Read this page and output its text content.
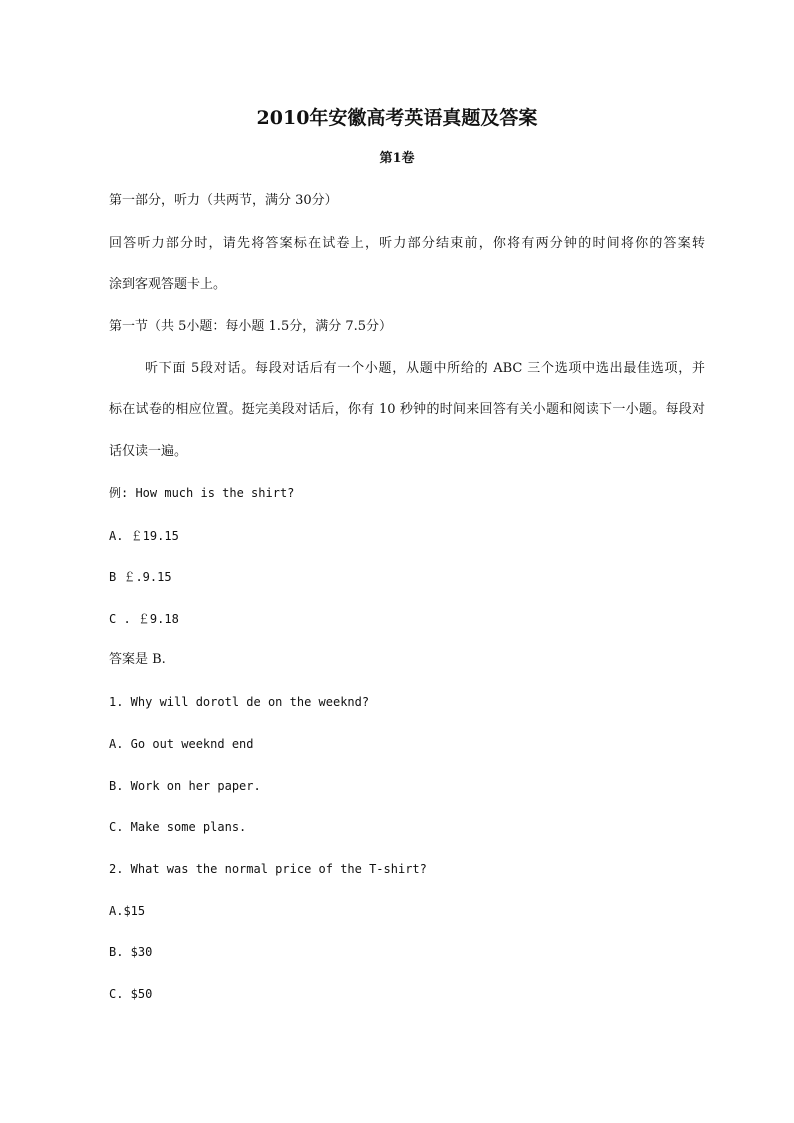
2010年安徽高考英语真题及答案
第1卷
第一部分，听力（共两节，满分 30分）
回答听力部分时，请先将答案标在试卷上，听力部分结束前，你将有两分钟的时间将你的答案转
涂到客观答题卡上。
第一节（共 5小题：每小题 1.5分，满分 7.5分）
听下面 5段对话。每段对话后有一个小题，从题中所给的 ABC 三个选项中选出最佳选项，并
标在试卷的相应位置。挺完美段对话后，你有 10 秒钟的时间来回答有关小题和阅读下一小题。每段对
话仅读一遍。
例: How much is the shirt?
A. ￡19.15
B ￡.9.15
C . ￡9.18
答案是 B.
1. Why will dorotl de on the weeknd?
A. Go out weeknd end
B. Work on her paper.
C. Make some plans.
2. What was the normal price of the T-shirt?
A.$15
B. $30
C. $50
